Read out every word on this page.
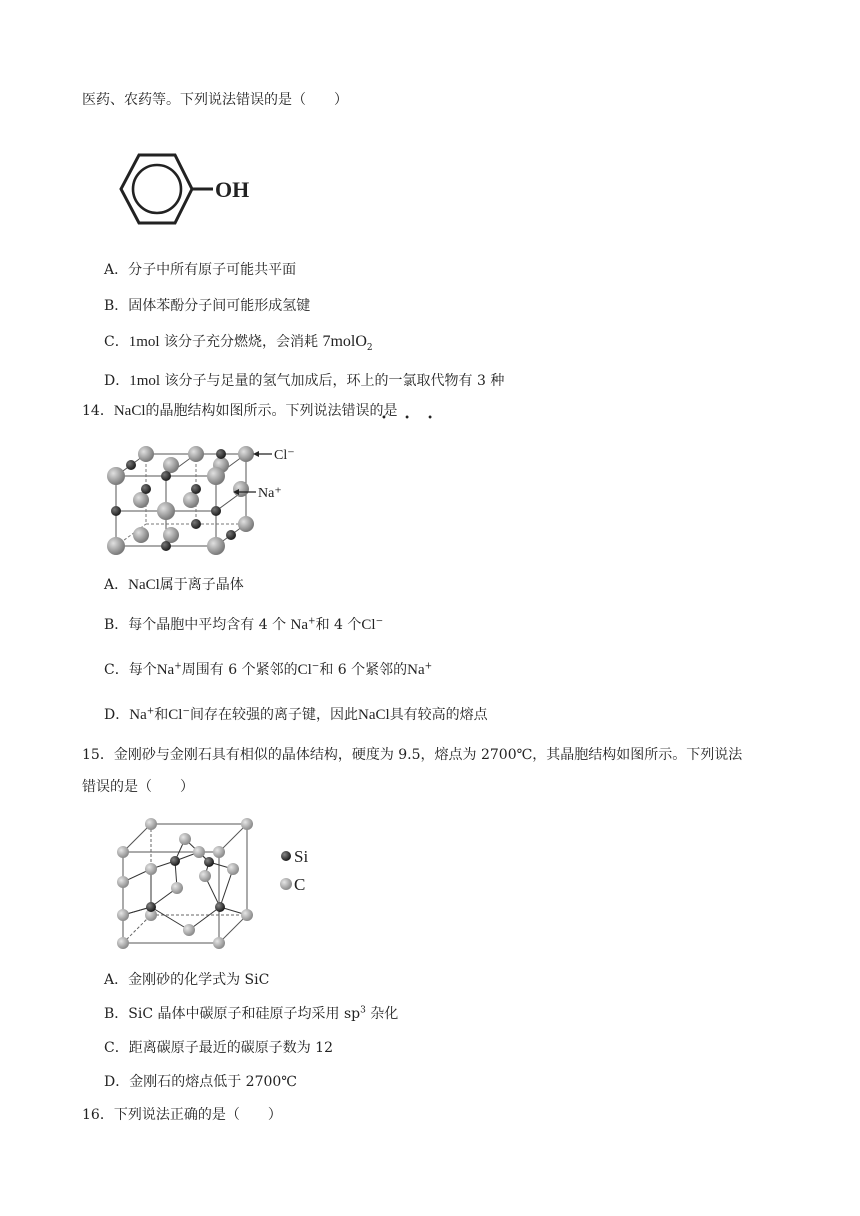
医药、农药等。下列说法错误的是（　　）
OH
A．分子中所有原子可能共平面
B．固体苯酚分子间可能形成氢键
C．1mol 该分子充分燃烧，会消耗 7molO$_2$
D．1mol 该分子与足量的氢气加成后，环上的一氯取代物有 3 种
14．NaCl的晶胞结构如图所示。下列说法错误的是
• • •
Cl⁻
Na⁺
A．NaCl属于离子晶体
B．每个晶胞中平均含有 4 个 Na+和 4 个Cl−
C．每个Na+周围有 6 个紧邻的Cl−和 6 个紧邻的Na+
D．Na+和Cl−间存在较强的离子键，因此NaCl具有较高的熔点
15．金刚砂与金刚石具有相似的晶体结构，硬度为 9.5，熔点为 2700℃，其晶胞结构如图所示。下列说法
错误的是（　　）
Si
C
A．金刚砂的化学式为 SiC
B．SiC 晶体中碳原子和硅原子均采用 $sp^3$ 杂化
C．距离碳原子最近的碳原子数为 12
D．金刚石的熔点低于 2700℃
16．下列说法正确的是（　　）
